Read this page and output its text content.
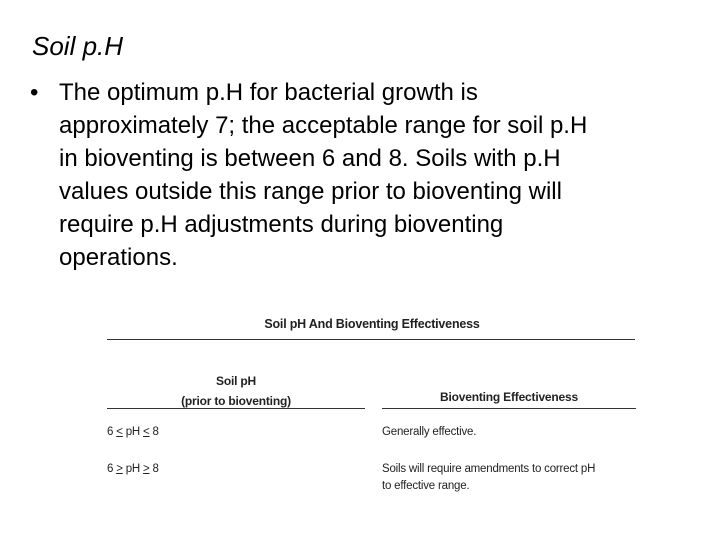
Soil p.H
• The optimum p.H for bacterial growth is
approximately 7; the acceptable range for soil p.H
in bioventing is between 6 and 8. Soils with p.H
values outside this range prior to bioventing will
require p.H adjustments during bioventing
operations.
Soil pH And Bioventing Effectiveness
Soil pH
(prior to bioventing)	Bioventing Effectiveness
6 < pH < 8	Generally effective.
6 > pH > 8	Soils will require amendments to correct pH
to effective range.
